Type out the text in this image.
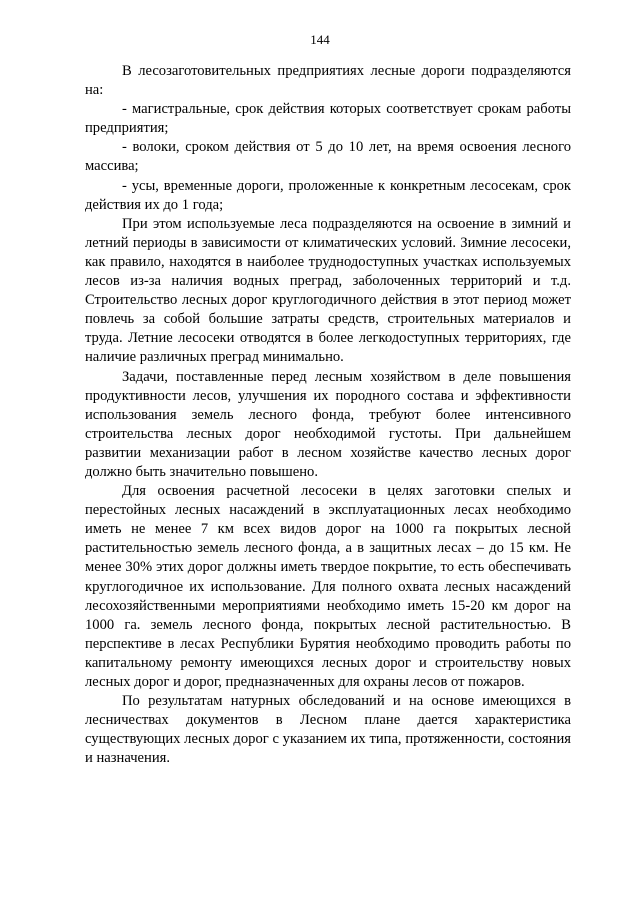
144

В лесозаготовительных предприятиях лесные дороги подразделяются на:

- магистральные, срок действия которых соответствует срокам работы предприятия;

- волоки, сроком действия от 5 до 10 лет, на время освоения лесного массива;

- усы, временные дороги, проложенные к конкретным лесосекам, срок действия их до 1 года;

При этом используемые леса подразделяются на освоение в зимний и летний периоды в зависимости от климатических условий. Зимние лесосеки, как правило, находятся в наиболее труднодоступных участках используемых лесов из-за наличия водных преград, заболоченных территорий и т.д. Строительство лесных дорог круглогодичного действия в этот период может повлечь за собой большие затраты средств, строительных материалов и труда. Летние лесосеки отводятся в более легкодоступных территориях, где наличие различных преград минимально.

Задачи, поставленные перед лесным хозяйством в деле повышения продуктивности лесов, улучшения их породного состава и эффективности использования земель лесного фонда, требуют более интенсивного строительства лесных дорог необходимой густоты. При дальнейшем развитии механизации работ в лесном хозяйстве качество лесных дорог должно быть значительно повышено.

Для освоения расчетной лесосеки в целях заготовки спелых и перестойных лесных насаждений в эксплуатационных лесах необходимо иметь не менее 7 км всех видов дорог на 1000 га покрытых лесной растительностью земель лесного фонда, а в защитных лесах – до 15 км. Не менее 30% этих дорог должны иметь твердое покрытие, то есть обеспечивать круглогодичное их использование. Для полного охвата лесных насаждений лесохозяйственными мероприятиями необходимо иметь 15-20 км дорог на 1000 га. земель лесного фонда, покрытых лесной растительностью. В перспективе в лесах Республики Бурятия необходимо проводить работы по капитальному ремонту имеющихся лесных дорог и строительству новых лесных дорог и дорог, предназначенных для охраны лесов от пожаров.

По результатам натурных обследований и на основе имеющихся в лесничествах документов в Лесном плане дается характеристика существующих лесных дорог с указанием их типа, протяженности, состояния и назначения.
